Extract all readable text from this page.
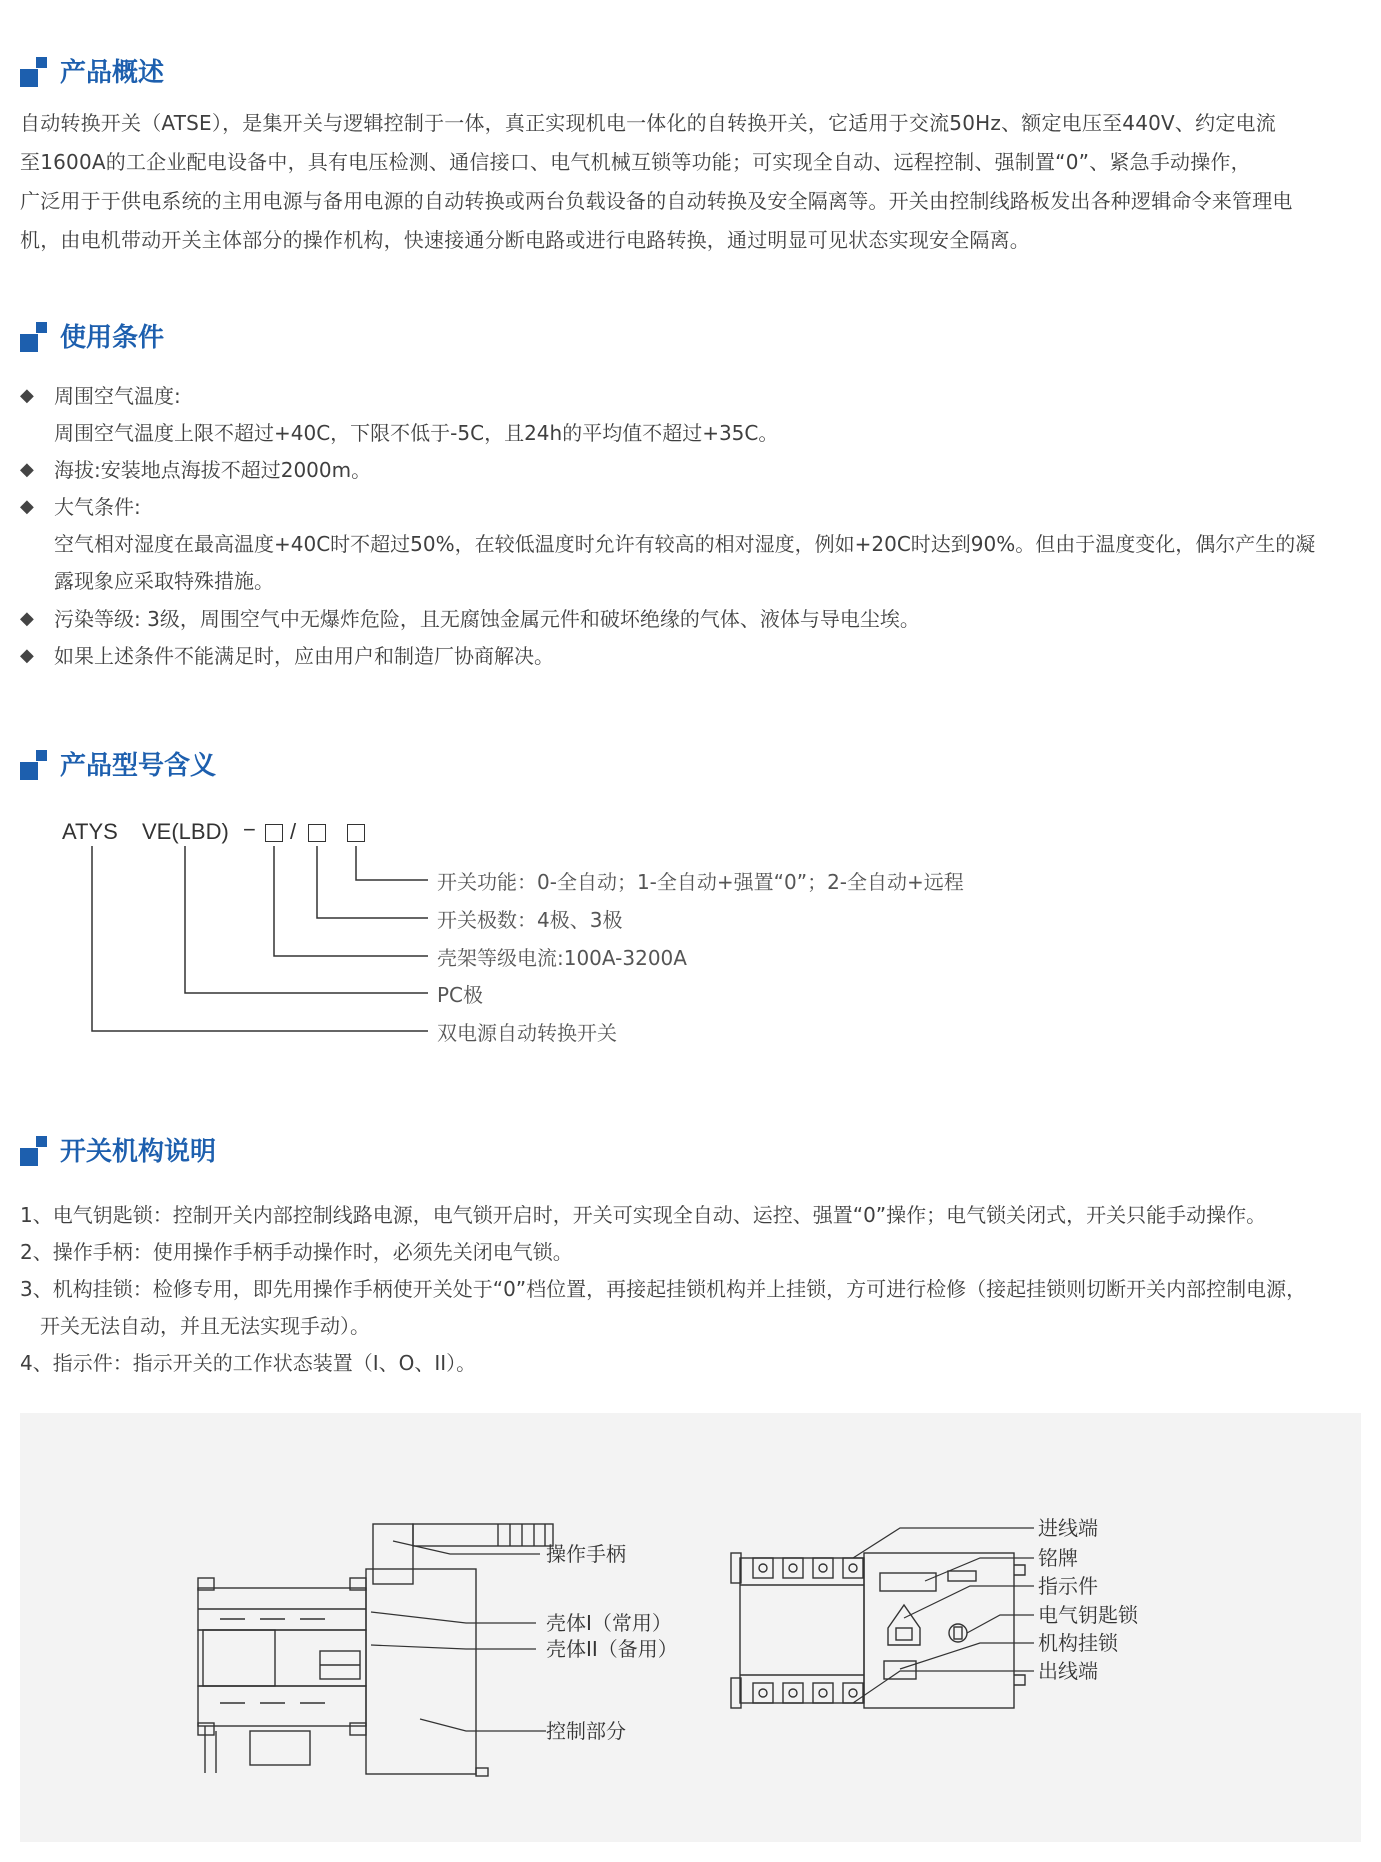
产品概述
自动转换开关（ATSE），是集开关与逻辑控制于一体，真正实现机电一体化的自转换开关，它适用于交流50Hz、额定电压至440V、约定电流
至1600A的工企业配电设备中，具有电压检测、通信接口、电气机械互锁等功能；可实现全自动、远程控制、强制置“0”、紧急手动操作，
广泛用于于供电系统的主用电源与备用电源的自动转换或两台负载设备的自动转换及安全隔离等。开关由控制线路板发出各种逻辑命令来管理电
机，由电机带动开关主体部分的操作机构，快速接通分断电路或进行电路转换，通过明显可见状态实现安全隔离。
使用条件
◆ 周围空气温度:
周围空气温度上限不超过+40C，下限不低于-5C，且24h的平均值不超过+35C。
◆ 海拔:安装地点海拔不超过2000m。
◆ 大气条件:
空气相对湿度在最高温度+40C时不超过50%，在较低温度时允许有较高的相对湿度，例如+20C时达到90%。但由于温度变化，偶尔产生的凝
露现象应采取特殊措施。
◆ 污染等级: 3级，周围空气中无爆炸危险，且无腐蚀金属元件和破坏绝缘的气体、液体与导电尘埃。
◆ 如果上述条件不能满足时，应由用户和制造厂协商解决。
产品型号含义
ATYS VE(LBD) − /
开关功能：0-全自动；1-全自动+强置“0”；2-全自动+远程
开关极数：4极、3极
壳架等级电流:100A-3200A
PC极
双电源自动转换开关
开关机构说明
1、电气钥匙锁：控制开关内部控制线路电源，电气锁开启时，开关可实现全自动、运控、强置“0”操作；电气锁关闭式，开关只能手动操作。
2、操作手柄：使用操作手柄手动操作时，必须先关闭电气锁。
3、机构挂锁：检修专用，即先用操作手柄使开关处于“0”档位置，再接起挂锁机构并上挂锁，方可进行检修（接起挂锁则切断开关内部控制电源，
　开关无法自动，并且无法实现手动）。
4、指示件：指示开关的工作状态装置（I、O、II）。
操作手柄
壳体I（常用）
壳体II（备用）
控制部分
进线端
铭牌
指示件
电气钥匙锁
机构挂锁
出线端
